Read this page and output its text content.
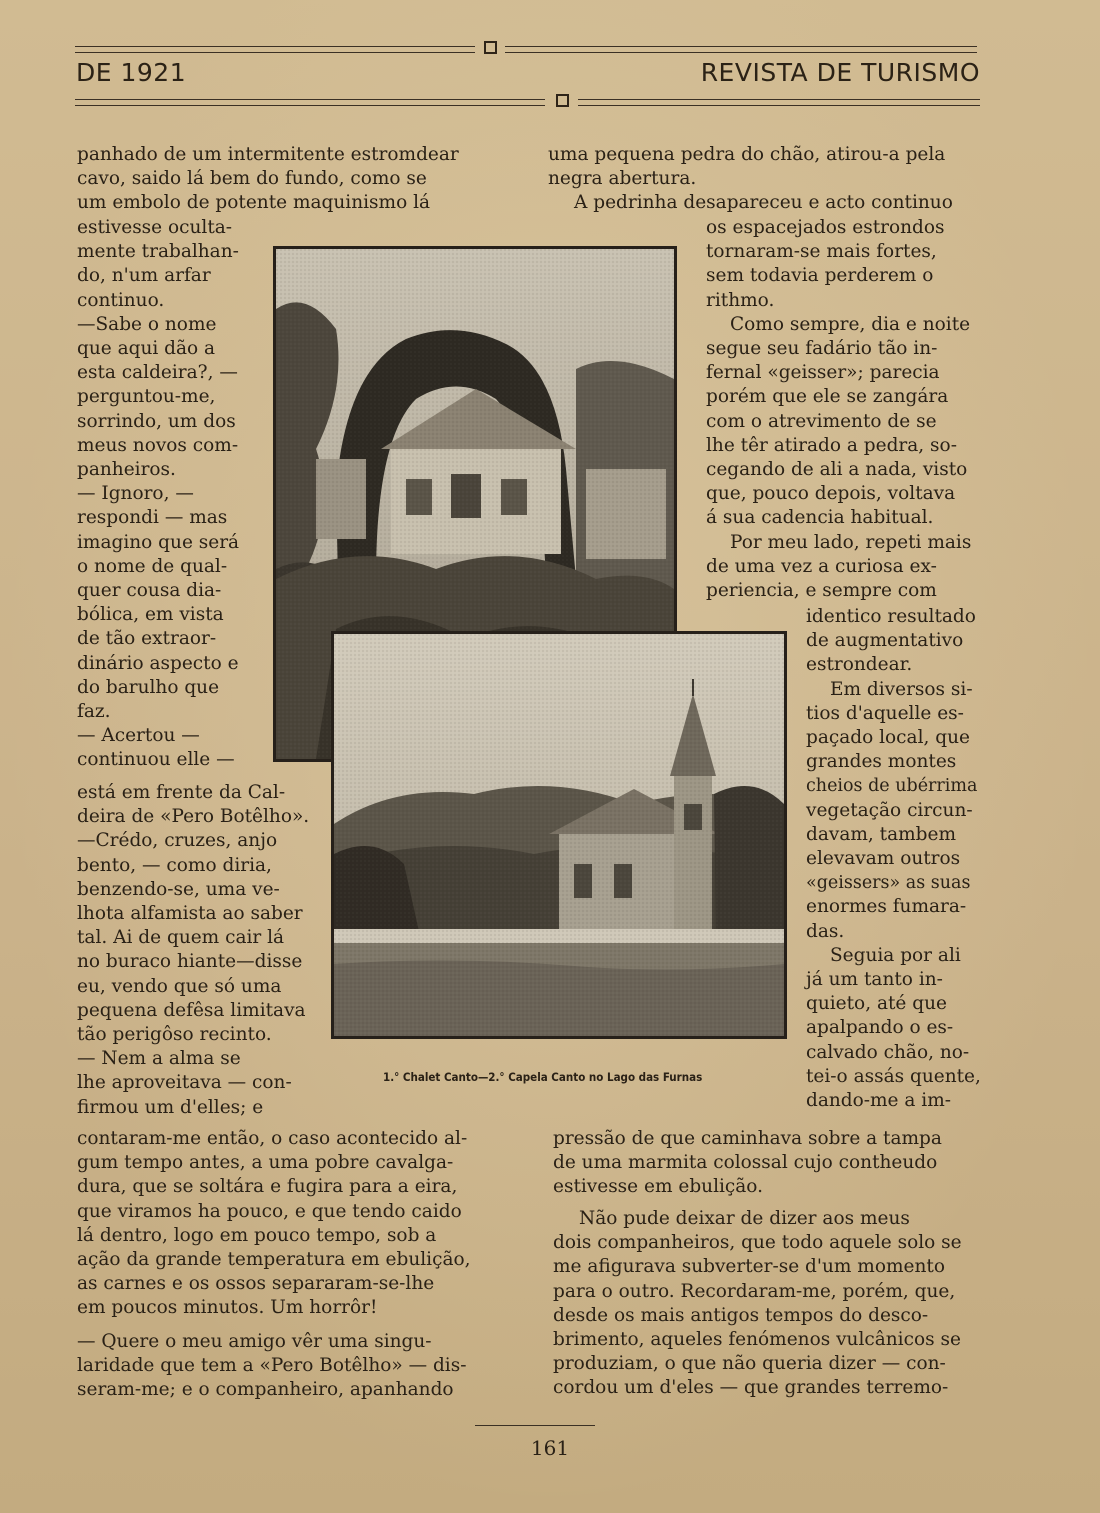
DE 1921	REVISTA DE TURISMO

panhado de um intermitente estromdear

cavo, saido lá bem do fundo, como se

um embolo de potente maquinismo lá

estivesse oculta-

mente trabalhan-

do, n'um arfar

continuo.

—Sabe o nome

que aqui dão a

esta caldeira?, —

perguntou-me,

sorrindo, um dos

meus novos com-

panheiros.

— Ignoro, —

respondi — mas

imagino que será

o nome de qual-

quer cousa dia-

bólica, em vista

de tão extraor-

dinário aspecto e

do barulho que

faz.

— Acertou —

continuou elle —

está em frente da Cal-

deira de «Pero Botêlho».

—Crédo, cruzes, anjo

bento, — como diria,

benzendo-se, uma ve-

lhota alfamista ao saber

tal. Ai de quem cair lá

no buraco hiante—disse

eu, vendo que só uma

pequena defêsa limitava

tão perigôso recinto.

— Nem a alma se

lhe aproveitava — con-

firmou um d'elles; e

contaram-me então, o caso acontecido al-

gum tempo antes, a uma pobre cavalga-

dura, que se soltára e fugira para a eira,

que viramos ha pouco, e que tendo caido

lá dentro, logo em pouco tempo, sob a

ação da grande temperatura em ebulição,

as carnes e os ossos separaram-se-lhe

em poucos minutos. Um horrôr!

— Quere o meu amigo vêr uma singu-

laridade que tem a «Pero Botêlho» — dis-

seram-me; e o companheiro, apanhando

uma pequena pedra do chão, atirou-a pela

negra abertura.

A pedrinha desapareceu e acto continuo

os espacejados estrondos

tornaram-se mais fortes,

sem todavia perderem o

rithmo.

Como sempre, dia e noite

segue seu fadário tão in-

fernal «geisser»; parecia

porém que ele se zangára

com o atrevimento de se

lhe têr atirado a pedra, so-

cegando de ali a nada, visto

que, pouco depois, voltava

á sua cadencia habitual.

Por meu lado, repeti mais

de uma vez a curiosa ex-

periencia, e sempre com

identico resultado

de augmentativo

estrondear.

Em diversos si-

tios d'aquelle es-

paçado local, que

grandes montes

cheios de ubérrima

vegetação circun-

davam, tambem

elevavam outros

«geissers» as suas

enormes fumara-

das.

Seguia por ali

já um tanto in-

quieto, até que

apalpando o es-

calvado chão, no-

tei-o assás quente,

dando-me a im-

pressão de que caminhava sobre a tampa

de uma marmita colossal cujo contheudo

estivesse em ebulição.

Não pude deixar de dizer aos meus

dois companheiros, que todo aquele solo se

me afigurava subverter-se d'um momento

para o outro. Recordaram-me, porém, que,

desde os mais antigos tempos do desco-

brimento, aqueles fenómenos vulcânicos se

produziam, o que não queria dizer — con-

cordou um d'eles — que grandes terremo-

1.° Chalet Canto—2.° Capela Canto no Lago das Furnas
161
